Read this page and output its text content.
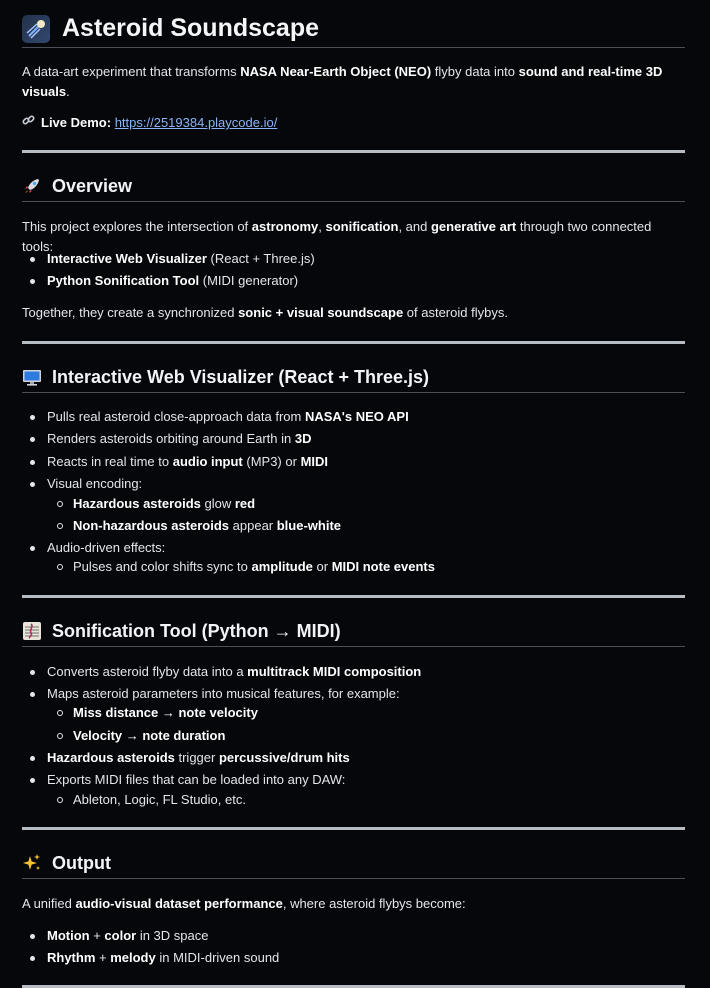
Asteroid Soundscape
A data-art experiment that transforms NASA Near-Earth Object (NEO) flyby data into sound and real-time 3D visuals.
Live Demo: https://2519384.playcode.io/
Overview
This project explores the intersection of astronomy, sonification, and generative art through two connected tools:
Interactive Web Visualizer (React + Three.js)
Python Sonification Tool (MIDI generator)
Together, they create a synchronized sonic + visual soundscape of asteroid flybys.
Interactive Web Visualizer (React + Three.js)
Pulls real asteroid close-approach data from NASA's NEO API
Renders asteroids orbiting around Earth in 3D
Reacts in real time to audio input (MP3) or MIDI
Visual encoding:
Hazardous asteroids glow red
Non-hazardous asteroids appear blue-white
Audio-driven effects:
Pulses and color shifts sync to amplitude or MIDI note events
Sonification Tool (Python → MIDI)
Converts asteroid flyby data into a multitrack MIDI composition
Maps asteroid parameters into musical features, for example:
Miss distance → note velocity
Velocity → note duration
Hazardous asteroids trigger percussive/drum hits
Exports MIDI files that can be loaded into any DAW:
Ableton, Logic, FL Studio, etc.
Output
A unified audio-visual dataset performance, where asteroid flybys become:
Motion + color in 3D space
Rhythm + melody in MIDI-driven sound
